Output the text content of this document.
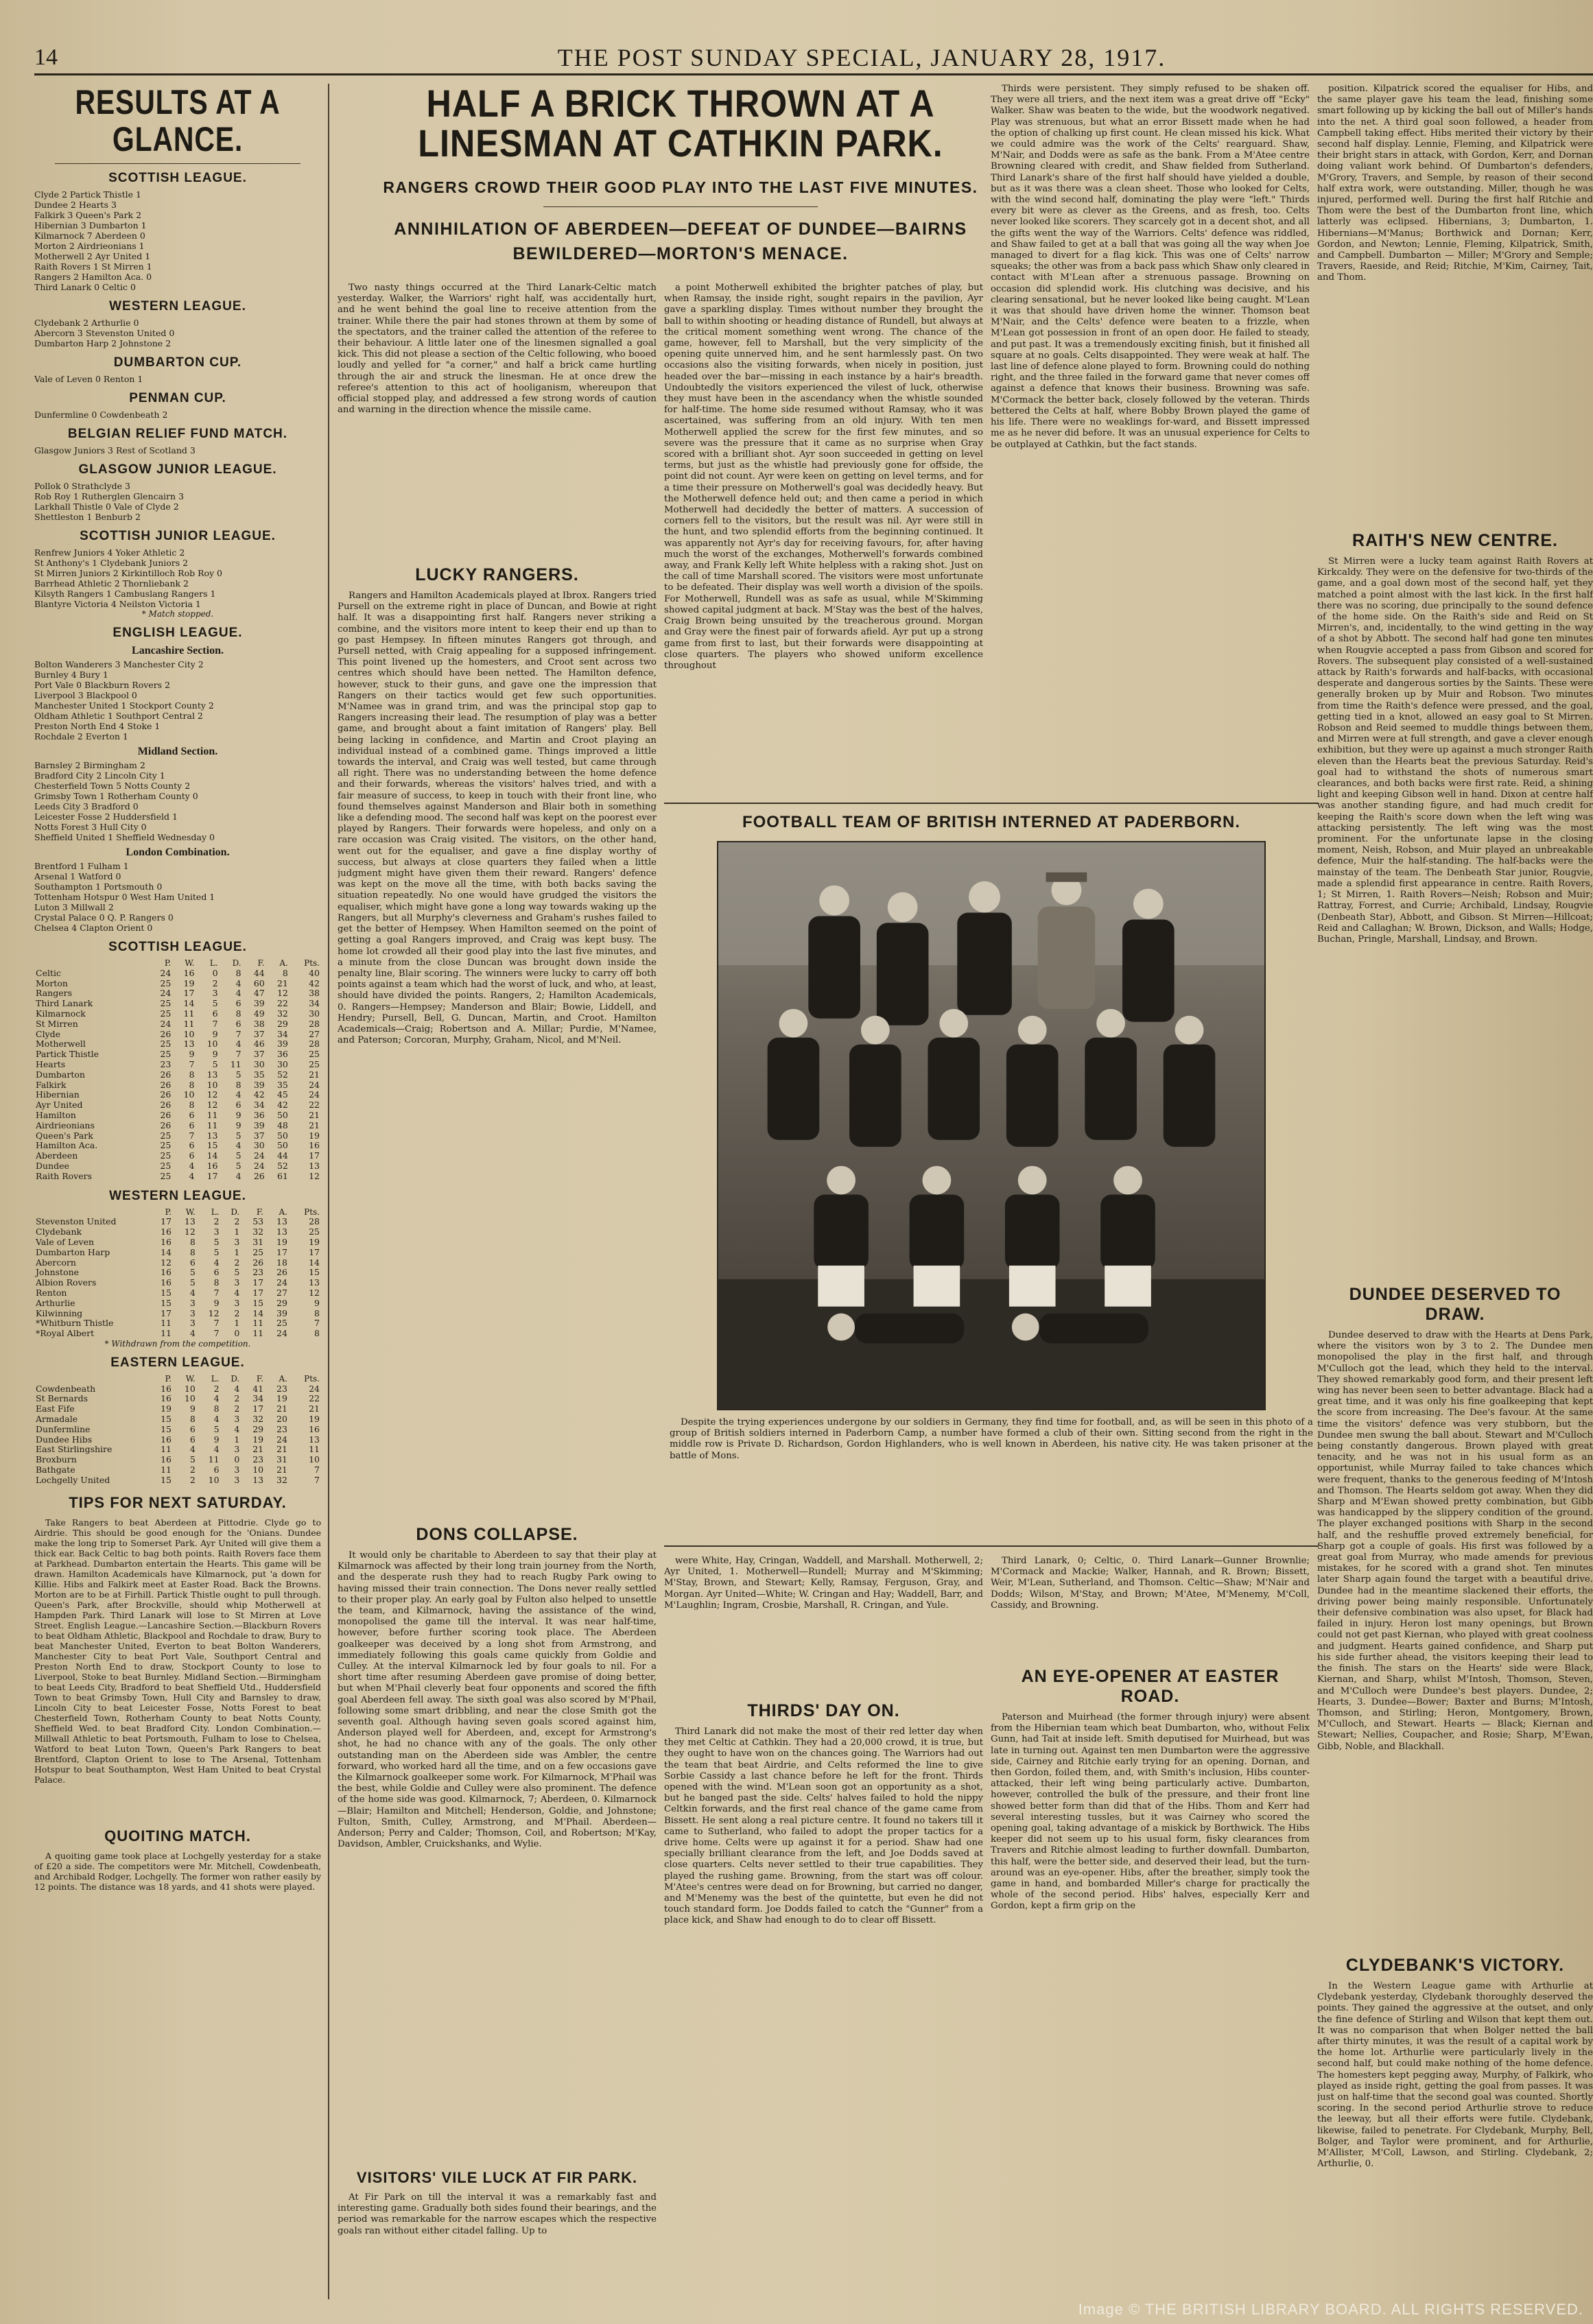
14	THE POST SUNDAY SPECIAL, JANUARY 28, 1917.
RESULTS AT A GLANCE.
SCOTTISH LEAGUE.
Clyde 2 Partick Thistle 1
Dundee 2 Hearts 3
Falkirk 3 Queen's Park 2
Hibernian 3 Dumbarton 1
Kilmarnock 7 Aberdeen 0
Morton 2 Airdrieonians 1
Motherwell 2 Ayr United 1
Raith Rovers 1 St Mirren 1
Rangers 2 Hamilton Aca. 0
Third Lanark 0 Celtic 0
WESTERN LEAGUE.
Clydebank 2 Arthurlie 0
Abercorn 3 Stevenston United 0
Dumbarton Harp 2 Johnstone 2
DUMBARTON CUP.
Vale of Leven 0 Renton 1
PENMAN CUP.
Dunfermline 0 Cowdenbeath 2
BELGIAN RELIEF FUND MATCH.
Glasgow Juniors 3 Rest of Scotland 3
GLASGOW JUNIOR LEAGUE.
Pollok 0 Strathclyde 3
Rob Roy 1 Rutherglen Glencairn 3
Larkhall Thistle 0 Vale of Clyde 2
Shettleston 1 Benburb 2
SCOTTISH JUNIOR LEAGUE.
Renfrew Juniors 4 Yoker Athletic 2
St Anthony's 1 Clydebank Juniors 2
St Mirren Juniors 2 Kirkintilloch Rob Roy 0
Barrhead Athletic 2 Thornliebank 2
Kilsyth Rangers 1 Cambuslang Rangers 1
Blantyre Victoria 4 Neilston Victoria 1
* Match stopped.
ENGLISH LEAGUE.
Lancashire Section.
Bolton Wanderers 3 Manchester City 2
Burnley 4 Bury 1
Port Vale 0 Blackburn Rovers 2
Liverpool 3 Blackpool 0
Manchester United 1 Stockport County 2
Oldham Athletic 1 Southport Central 2
Preston North End 4 Stoke 1
Rochdale 2 Everton 1
Midland Section.
Barnsley 2 Birmingham 2
Bradford City 2 Lincoln City 1
Chesterfield Town 5 Notts County 2
Grimsby Town 1 Rotherham County 0
Leeds City 3 Bradford 0
Leicester Fosse 2 Huddersfield 1
Notts Forest 3 Hull City 0
Sheffield United 1 Sheffield Wednesday 0
London Combination.
Brentford 1 Fulham 1
Arsenal 1 Watford 0
Southampton 1 Portsmouth 0
Tottenham Hotspur 0 West Ham United 1
Luton 3 Millwall 2
Crystal Palace 0 Q. P. Rangers 0
Chelsea 4 Clapton Orient 0
SCOTTISH LEAGUE.
	P.	W.	L.	D.	F.	A.	Pts.
Celtic	24	16	0	8	44	8	40
Morton	25	19	2	4	60	21	42
Rangers	24	17	3	4	47	12	38
Third Lanark	25	14	5	6	39	22	34
Kilmarnock	25	11	6	8	49	32	30
St Mirren	24	11	7	6	38	29	28
Clyde	26	10	9	7	37	34	27
Motherwell	25	13	10	4	46	39	28
Partick Thistle	25	9	9	7	37	36	25
Hearts	23	7	5	11	30	30	25
Dumbarton	26	8	13	5	35	52	21
Falkirk	26	8	10	8	39	35	24
Hibernian	26	10	12	4	42	45	24
Ayr United	26	8	12	6	34	42	22
Hamilton	26	6	11	9	36	50	21
Airdrieonians	26	6	11	9	39	48	21
Queen's Park	25	7	13	5	37	50	19
Hamilton Aca.	25	6	15	4	30	50	16
Aberdeen	25	6	14	5	24	44	17
Dundee	25	4	16	5	24	52	13
Raith Rovers	25	4	17	4	26	61	12
WESTERN LEAGUE.
	P.	W.	L.	D.	F.	A.	Pts.
Stevenston United	17	13	2	2	53	13	28
Clydebank	16	12	3	1	32	13	25
Vale of Leven	16	8	5	3	31	19	19
Dumbarton Harp	14	8	5	1	25	17	17
Abercorn	12	6	4	2	26	18	14
Johnstone	16	5	6	5	23	26	15
Albion Rovers	16	5	8	3	17	24	13
Renton	15	4	7	4	17	27	12
Arthurlie	15	3	9	3	15	29	9
Kilwinning	17	3	12	2	14	39	8
*Whitburn Thistle	11	3	7	1	11	25	7
*Royal Albert	11	4	7	0	11	24	8
* Withdrawn from the competition.
EASTERN LEAGUE.
	P.	W.	L.	D.	F.	A.	Pts.
Cowdenbeath	16	10	2	4	41	23	24
St Bernards	16	10	4	2	34	19	22
East Fife	19	9	8	2	17	21	21
Armadale	15	8	4	3	32	20	19
Dunfermline	15	6	5	4	29	23	16
Dundee Hibs	16	6	9	1	19	24	13
East Stirlingshire	11	4	4	3	21	21	11
Broxburn	16	5	11	0	23	31	10
Bathgate	11	2	6	3	10	21	7
Lochgelly United	15	2	10	3	13	32	7
TIPS FOR NEXT SATURDAY.
Take Rangers to beat Aberdeen at Pittodrie. Clyde go to Airdrie. This should be good enough for the 'Onians. Dundee make the long trip to Somerset Park. Ayr United will give them a thick ear. Back Celtic to bag both points. Raith Rovers face them at Parkhead. Dumbarton entertain the Hearts. This game will be drawn. Hamilton Academicals have Kilmarnock, put 'a down for Killie. Hibs and Falkirk meet at Easter Road. Back the Browns. Morton are to be at Firhill. Partick Thistle ought to pull through. Queen's Park, after Brockville, should whip Motherwell at Hampden Park. Third Lanark will lose to St Mirren at Love Street. English League.—Lancashire Section.—Blackburn Rovers to beat Oldham Athletic, Blackpool and Rochdale to draw, Bury to beat Manchester United, Everton to beat Bolton Wanderers, Manchester City to beat Port Vale, Southport Central and Preston North End to draw, Stockport County to lose to Liverpool, Stoke to beat Burnley. Midland Section.—Birmingham to beat Leeds City, Bradford to beat Sheffield Utd., Huddersfield Town to beat Grimsby Town, Hull City and Barnsley to draw, Lincoln City to beat Leicester Fosse, Notts Forest to beat Chesterfield Town, Rotherham County to beat Notts County, Sheffield Wed. to beat Bradford City. London Combination.—Millwall Athletic to beat Portsmouth, Fulham to lose to Chelsea, Watford to beat Luton Town, Queen's Park Rangers to beat Brentford, Clapton Orient to lose to The Arsenal, Tottenham Hotspur to beat Southampton, West Ham United to beat Crystal Palace.
QUOITING MATCH.
A quoiting game took place at Lochgelly yesterday for a stake of £20 a side. The competitors were Mr. Mitchell, Cowdenbeath, and Archibald Rodger, Lochgelly. The former won rather easily by 12 points. The distance was 18 yards, and 41 shots were played.
HALF A BRICK THROWN AT A LINESMAN AT CATHKIN PARK.
RANGERS CROWD THEIR GOOD PLAY INTO THE LAST FIVE MINUTES.
ANNIHILATION OF ABERDEEN—DEFEAT OF DUNDEE—BAIRNS BEWILDERED—MORTON'S MENACE.
Two nasty things occurred at the Third Lanark-Celtic match yesterday. Walker, the Warriors' right half, was accidentally hurt, and he went behind the goal line to receive attention from the trainer. While there the pair had stones thrown at them by some of the spectators, and the trainer called the attention of the referee to their behaviour. A little later one of the linesmen signalled a goal kick. This did not please a section of the Celtic following, who booed loudly and yelled for "a corner," and half a brick came hurtling through the air and struck the linesman. He at once drew the referee's attention to this act of hooliganism, whereupon that official stopped play, and addressed a few strong words of caution and warning in the direction whence the missile came.
LUCKY RANGERS.
Rangers and Hamilton Academicals played at Ibrox. Rangers tried Pursell on the extreme right in place of Duncan, and Bowie at right half. It was a disappointing first half. Rangers never striking a combine, and the visitors more intent to keep their end up than to go past Hempsey. In fifteen minutes Rangers got through, and Pursell netted, with Craig appealing for a supposed infringement. This point livened up the homesters, and Croot sent across two centres which should have been netted. The Hamilton defence, however, stuck to their guns, and gave one the impression that Rangers on their tactics would get few such opportunities. M'Namee was in grand trim, and was the principal stop gap to Rangers increasing their lead. The resumption of play was a better game, and brought about a faint imitation of Rangers' play. Bell being lacking in confidence, and Martin and Croot playing an individual instead of a combined game. Things improved a little towards the interval, and Craig was well tested, but came through all right. There was no understanding between the home defence and their forwards, whereas the visitors' halves tried, and with a fair measure of success, to keep in touch with their front line, who found themselves against Manderson and Blair both in something like a defending mood. The second half was kept on the poorest ever played by Rangers. Their forwards were hopeless, and only on a rare occasion was Craig visited. The visitors, on the other hand, went out for the equaliser, and gave a fine display worthy of success, but always at close quarters they failed when a little judgment might have given them their reward. Rangers' defence was kept on the move all the time, with both backs saving the situation repeatedly. No one would have grudged the visitors the equaliser, which might have gone a long way towards waking up the Rangers, but all Murphy's cleverness and Graham's rushes failed to get the better of Hempsey. When Hamilton seemed on the point of getting a goal Rangers improved, and Craig was kept busy. The home lot crowded all their good play into the last five minutes, and a minute from the close Duncan was brought down inside the penalty line, Blair scoring. The winners were lucky to carry off both points against a team which had the worst of luck, and who, at least, should have divided the points. Rangers, 2; Hamilton Academicals, 0. Rangers—Hempsey; Manderson and Blair; Bowie, Liddell, and Hendry; Pursell, Bell, G. Duncan, Martin, and Croot. Hamilton Academicals—Craig; Robertson and A. Millar; Purdie, M'Namee, and Paterson; Corcoran, Murphy, Graham, Nicol, and M'Neil.
DONS COLLAPSE.
It would only be charitable to Aberdeen to say that their play at Kilmarnock was affected by their long train journey from the North, and the desperate rush they had to reach Rugby Park owing to having missed their train connection. The Dons never really settled to their proper play. An early goal by Fulton also helped to unsettle the team, and Kilmarnock, having the assistance of the wind, monopolised the game till the interval. It was near half-time, however, before further scoring took place. The Aberdeen goalkeeper was deceived by a long shot from Armstrong, and immediately following this goals came quickly from Goldie and Culley. At the interval Kilmarnock led by four goals to nil. For a short time after resuming Aberdeen gave promise of doing better, but when M'Phail cleverly beat four opponents and scored the fifth goal Aberdeen fell away. The sixth goal was also scored by M'Phail, following some smart dribbling, and near the close Smith got the seventh goal. Although having seven goals scored against him, Anderson played well for Aberdeen, and, except for Armstrong's shot, he had no chance with any of the goals. The only other outstanding man on the Aberdeen side was Ambler, the centre forward, who worked hard all the time, and on a few occasions gave the Kilmarnock goalkeeper some work. For Kilmarnock, M'Phail was the best, while Goldie and Culley were also prominent. The defence of the home side was good. Kilmarnock, 7; Aberdeen, 0. Kilmarnock—Blair; Hamilton and Mitchell; Henderson, Goldie, and Johnstone; Fulton, Smith, Culley, Armstrong, and M'Phail. Aberdeen—Anderson; Perry and Calder; Thomson, Coil, and Robertson; M'Kay, Davidson, Ambler, Cruickshanks, and Wylie.
VISITORS' VILE LUCK AT FIR PARK.
At Fir Park on till the interval it was a remarkably fast and interesting game. Gradually both sides found their bearings, and the period was remarkable for the narrow escapes which the respective goals ran without either citadel falling. Up to
a point Motherwell exhibited the brighter patches of play, but when Ramsay, the inside right, sought repairs in the pavilion, Ayr gave a sparkling display. Times without number they brought the ball to within shooting or heading distance of Rundell, but always at the critical moment something went wrong. The chance of the game, however, fell to Marshall, but the very simplicity of the opening quite unnerved him, and he sent harmlessly past. On two occasions also the visiting forwards, when nicely in position, just headed over the bar—missing in each instance by a hair's breadth. Undoubtedly the visitors experienced the vilest of luck, otherwise they must have been in the ascendancy when the whistle sounded for half-time. The home side resumed without Ramsay, who it was ascertained, was suffering from an old injury. With ten men Motherwell applied the screw for the first few minutes, and so severe was the pressure that it came as no surprise when Gray scored with a brilliant shot. Ayr soon succeeded in getting on level terms, but just as the whistle had previously gone for offside, the point did not count. Ayr were keen on getting on level terms, and for a time their pressure on Motherwell's goal was decidedly heavy. But the Motherwell defence held out; and then came a period in which Motherwell had decidedly the better of matters. A succession of corners fell to the visitors, but the result was nil. Ayr were still in the hunt, and two splendid efforts from the beginning continued. It was apparently not Ayr's day for receiving favours, for, after having much the worst of the exchanges, Motherwell's forwards combined away, and Frank Kelly left White helpless with a raking shot. Just on the call of time Marshall scored. The visitors were most unfortunate to be defeated. Their display was well worth a division of the spoils. For Motherwell, Rundell was as safe as usual, while M'Skimming showed capital judgment at back. M'Stay was the best of the halves, Craig Brown being unsuited by the treacherous ground. Morgan and Gray were the finest pair of forwards afield. Ayr put up a strong game from first to last, but their forwards were disappointing at close quarters. The players who showed uniform excellence throughout
Thirds were persistent. They simply refused to be shaken off. They were all triers, and the next item was a great drive off "Ecky" Walker. Shaw was beaten to the wide, but the woodwork negatived. Play was strenuous, but what an error Bissett made when he had the option of chalking up first count. He clean missed his kick. What we could admire was the work of the Celts' rearguard. Shaw, M'Nair, and Dodds were as safe as the bank. From a M'Atee centre Browning cleared with credit, and Shaw fielded from Sutherland. Third Lanark's share of the first half should have yielded a double, but as it was there was a clean sheet. Those who looked for Celts, with the wind second half, dominating the play were "left." Thirds every bit were as clever as the Greens, and as fresh, too. Celts never looked like scorers. They scarcely got in a decent shot, and all the gifts went the way of the Warriors. Celts' defence was riddled, and Shaw failed to get at a ball that was going all the way when Joe managed to divert for a flag kick. This was one of Celts' narrow squeaks; the other was from a back pass which Shaw only cleared in contact with M'Lean after a strenuous passage. Browning on occasion did splendid work. His clutching was decisive, and his clearing sensational, but he never looked like being caught. M'Lean it was that should have driven home the winner. Thomson beat M'Nair, and the Celts' defence were beaten to a frizzle, when M'Lean got possession in front of an open door. He failed to steady, and put past. It was a tremendously exciting finish, but it finished all square at no goals. Celts disappointed. They were weak at half. The last line of defence alone played to form. Browning could do nothing right, and the three failed in the forward game that never comes off against a defence that knows their business. Browning was safe. M'Cormack the better back, closely followed by the veteran. Thirds bettered the Celts at half, where Bobby Brown played the game of his life. There were no weaklings for-ward, and Bissett impressed me as he never did before. It was an unusual experience for Celts to be outplayed at Cathkin, but the fact stands.
FOOTBALL TEAM OF BRITISH INTERNED AT PADERBORN.
Despite the trying experiences undergone by our soldiers in Germany, they find time for football, and, as will be seen in this photo of a group of British soldiers interned in Paderborn Camp, a number have formed a club of their own. Sitting second from the right in the middle row is Private D. Richardson, Gordon Highlanders, who is well known in Aberdeen, his native city. He was taken prisoner at the battle of Mons.
were White, Hay, Cringan, Waddell, and Marshall. Motherwell, 2; Ayr United, 1. Motherwell—Rundell; Murray and M'Skimming; M'Stay, Brown, and Stewart; Kelly, Ramsay, Ferguson, Gray, and Morgan. Ayr United—White; W. Cringan and Hay; Waddell, Barr, and M'Laughlin; Ingram, Crosbie, Marshall, R. Cringan, and Yule.
THIRDS' DAY ON.
Third Lanark did not make the most of their red letter day when they met Celtic at Cathkin. They had a 20,000 crowd, it is true, but they ought to have won on the chances going. The Warriors had out the team that beat Airdrie, and Celts reformed the line to give Sorbie Cassidy a last chance before he left for the front. Thirds opened with the wind. M'Lean soon got an opportunity as a shot, but he banged past the side. Celts' halves failed to hold the nippy Celtkin forwards, and the first real chance of the game came from Bissett. He sent along a real picture centre. It found no takers till it came to Sutherland, who failed to adopt the proper tactics for a drive home. Celts were up against it for a period. Shaw had one specially brilliant clearance from the left, and Joe Dodds saved at close quarters. Celts never settled to their true capabilities. They played the rushing game. Browning, from the start was off colour. M'Atee's centres were dead on for Browning, but carried no danger, and M'Menemy was the best of the quintette, but even he did not touch standard form. Joe Dodds failed to catch the "Gunner" from a place kick, and Shaw had enough to do to clear off Bissett.
Third Lanark, 0; Celtic, 0. Third Lanark—Gunner Brownlie; M'Cormack and Mackie; Walker, Hannah, and R. Brown; Bissett, Weir, M'Lean, Sutherland, and Thomson. Celtic—Shaw; M'Nair and Dodds; Wilson, M'Stay, and Brown; M'Atee, M'Menemy, M'Coll, Cassidy, and Browning.
AN EYE-OPENER AT EASTER ROAD.
Paterson and Muirhead (the former through injury) were absent from the Hibernian team which beat Dumbarton, who, without Felix Gunn, had Tait at inside left. Smith deputised for Muirhead, but was late in turning out. Against ten men Dumbarton were the aggressive side, Cairney and Ritchie early trying for an opening. Dornan, and then Gordon, foiled them, and, with Smith's inclusion, Hibs counter-attacked, their left wing being particularly active. Dumbarton, however, controlled the bulk of the pressure, and their front line showed better form than did that of the Hibs. Thom and Kerr had several interesting tussles, but it was Cairney who scored the opening goal, taking advantage of a miskick by Borthwick. The Hibs keeper did not seem up to his usual form, fisky clearances from Travers and Ritchie almost leading to further downfall. Dumbarton, this half, were the better side, and deserved their lead, but the turn-around was an eye-opener. Hibs, after the breather, simply took the game in hand, and bombarded Miller's charge for practically the whole of the second period. Hibs' halves, especially Kerr and Gordon, kept a firm grip on the
position. Kilpatrick scored the equaliser for Hibs, and the same player gave his team the lead, finishing some smart following up by kicking the ball out of Miller's hands into the net. A third goal soon followed, a header from Campbell taking effect. Hibs merited their victory by their second half display. Lennie, Fleming, and Kilpatrick were their bright stars in attack, with Gordon, Kerr, and Dornan doing valiant work behind. Of Dumbarton's defenders, M'Grory, Travers, and Semple, by reason of their second half extra work, were outstanding. Miller, though he was injured, performed well. During the first half Ritchie and Thom were the best of the Dumbarton front line, which latterly was eclipsed. Hibernians, 3; Dumbarton, 1. Hibernians—M'Manus; Borthwick and Dornan; Kerr, Gordon, and Newton; Lennie, Fleming, Kilpatrick, Smith, and Campbell. Dumbarton — Miller; M'Grory and Semple; Travers, Raeside, and Reid; Ritchie, M'Kim, Cairney, Tait, and Thom.
RAITH'S NEW CENTRE.
St Mirren were a lucky team against Raith Rovers at Kirkcaldy. They were on the defensive for two-thirds of the game, and a goal down most of the second half, yet they matched a point almost with the last kick. In the first half there was no scoring, due principally to the sound defence of the home side. On the Raith's side and Reid on St Mirren's, and, incidentally, to the wind getting in the way of a shot by Abbott. The second half had gone ten minutes when Rougvie accepted a pass from Gibson and scored for Rovers. The subsequent play consisted of a well-sustained attack by Raith's forwards and half-backs, with occasional desperate and dangerous sorties by the Saints. These were generally broken up by Muir and Robson. Two minutes from time the Raith's defence were pressed, and the goal, getting tied in a knot, allowed an easy goal to St Mirren. Robson and Reid seemed to muddle things between them, and Mirren were at full strength, and gave a clever enough exhibition, but they were up against a much stronger Raith eleven than the Hearts beat the previous Saturday. Reid's goal had to withstand the shots of numerous smart clearances, and both backs were first rate. Reid, a shining light and keeping Gibson well in hand. Dixon at centre half was another standing figure, and had much credit for keeping the Raith's score down when the left wing was attacking persistently. The left wing was the most prominent. For the unfortunate lapse in the closing moment, Neish, Robson, and Muir played an unbreakable defence, Muir the half-standing. The half-backs were the mainstay of the team. The Denbeath Star junior, Rougvie, made a splendid first appearance in centre. Raith Rovers, 1; St Mirren, 1. Raith Rovers—Neish; Robson and Muir; Rattray, Forrest, and Currie; Archibald, Lindsay, Rougvie (Denbeath Star), Abbott, and Gibson. St Mirren—Hillcoat; Reid and Callaghan; W. Brown, Dickson, and Walls; Hodge, Buchan, Pringle, Marshall, Lindsay, and Brown.
DUNDEE DESERVED TO DRAW.
Dundee deserved to draw with the Hearts at Dens Park, where the visitors won by 3 to 2. The Dundee men monopolised the play in the first half, and through M'Culloch got the lead, which they held to the interval. They showed remarkably good form, and their present left wing has never been seen to better advantage. Black had a great time, and it was only his fine goalkeeping that kept the score from increasing. The Dee's favour. At the same time the visitors' defence was very stubborn, but the Dundee men swung the ball about. Stewart and M'Culloch being constantly dangerous. Brown played with great tenacity, and he was not in his usual form as an opportunist, while Murray failed to take chances which were frequent, thanks to the generous feeding of M'Intosh and Thomson. The Hearts seldom got away. When they did Sharp and M'Ewan showed pretty combination, but Gibb was handicapped by the slippery condition of the ground. The player exchanged positions with Sharp in the second half, and the reshuffle proved extremely beneficial, for Sharp got a couple of goals. His first was followed by a great goal from Murray, who made amends for previous mistakes, for he scored with a grand shot. Ten minutes later Sharp again found the target with a beautiful drive. Dundee had in the meantime slackened their efforts, the driving power being mainly responsible. Unfortunately their defensive combination was also upset, for Black had failed in injury. Heron lost many openings, but Brown could not get past Kiernan, who played with great coolness and judgment. Hearts gained confidence, and Sharp put his side further ahead, the visitors keeping their lead to the finish. The stars on the Hearts' side were Black, Kiernan, and Sharp, whilst M'Intosh, Thomson, Steven, and M'Culloch were Dundee's best players. Dundee, 2; Hearts, 3. Dundee—Bower; Baxter and Burns; M'Intosh, Thomson, and Stirling; Heron, Montgomery, Brown, M'Culloch, and Stewart. Hearts — Black; Kiernan and Stewart; Nellies, Coupacher, and Rosie; Sharp, M'Ewan, Gibb, Noble, and Blackhall.
CLYDEBANK'S VICTORY.
In the Western League game with Arthurlie at Clydebank yesterday, Clydebank thoroughly deserved the points. They gained the aggressive at the outset, and only the fine defence of Stirling and Wilson that kept them out. It was no comparison that when Bolger netted the ball after thirty minutes, it was the result of a capital work by the home lot. Arthurlie were particularly lively in the second half, but could make nothing of the home defence. The homesters kept pegging away, Murphy, of Falkirk, who played as inside right, getting the goal from passes. It was just on half-time that the second goal was counted. Shortly scoring. In the second period Arthurlie strove to reduce the leeway, but all their efforts were futile. Clydebank, likewise, failed to penetrate. For Clydebank, Murphy, Bell, Bolger, and Taylor were prominent, and for Arthurlie, M'Allister, M'Coll, Lawson, and Stirling. Clydebank, 2; Arthurlie, 0.
Image © THE BRITISH LIBRARY BOARD. ALL RIGHTS RESERVED.
